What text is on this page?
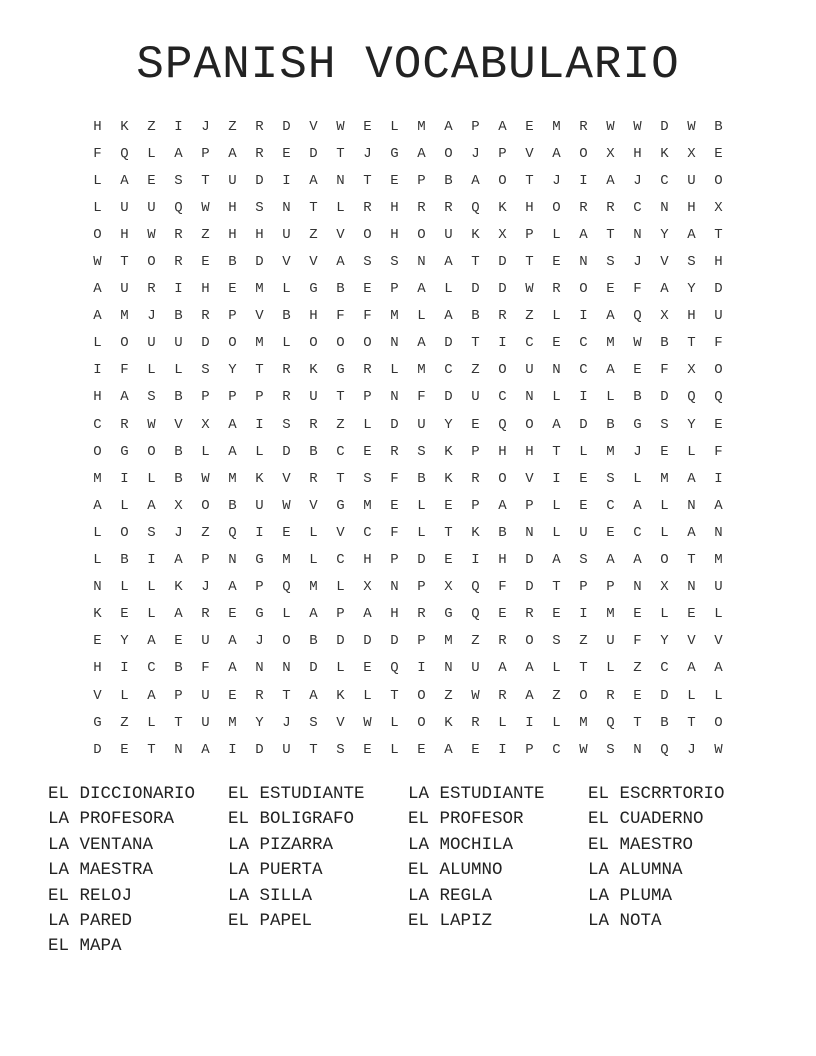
SPANISH VOCABULARIO
H	K	Z	I	J	Z	R	D	V	W	E	L	M	A	P	A	E	M	R	W	W	D	W	B
F	Q	L	A	P	A	R	E	D	T	J	G	A	O	J	P	V	A	O	X	H	K	X	E
L	A	E	S	T	U	D	I	A	N	T	E	P	B	A	O	T	J	I	A	J	C	U	O
L	U	U	Q	W	H	S	N	T	L	R	H	R	R	Q	K	H	O	R	R	C	N	H	X
O	H	W	R	Z	H	H	U	Z	V	O	H	O	U	K	X	P	L	A	T	N	Y	A	T
W	T	O	R	E	B	D	V	V	A	S	S	N	A	T	D	T	E	N	S	J	V	S	H
A	U	R	I	H	E	M	L	G	B	E	P	A	L	D	D	W	R	O	E	F	A	Y	D
A	M	J	B	R	P	V	B	H	F	F	M	L	A	B	R	Z	L	I	A	Q	X	H	U
L	O	U	U	D	O	M	L	O	O	O	N	A	D	T	I	C	E	C	M	W	B	T	F
I	F	L	L	S	Y	T	R	K	G	R	L	M	C	Z	O	U	N	C	A	E	F	X	O
H	A	S	B	P	P	P	R	U	T	P	N	F	D	U	C	N	L	I	L	B	D	Q	Q
C	R	W	V	X	A	I	S	R	Z	L	D	U	Y	E	Q	O	A	D	B	G	S	Y	E
O	G	O	B	L	A	L	D	B	C	E	R	S	K	P	H	H	T	L	M	J	E	L	F
M	I	L	B	W	M	K	V	R	T	S	F	B	K	R	O	V	I	E	S	L	M	A	I
A	L	A	X	O	B	U	W	V	G	M	E	L	E	P	A	P	L	E	C	A	L	N	A
L	O	S	J	Z	Q	I	E	L	V	C	F	L	T	K	B	N	L	U	E	C	L	A	N
L	B	I	A	P	N	G	M	L	C	H	P	D	E	I	H	D	A	S	A	A	O	T	M
N	L	L	K	J	A	P	Q	M	L	X	N	P	X	Q	F	D	T	P	P	N	X	N	U
K	E	L	A	R	E	G	L	A	P	A	H	R	G	Q	E	R	E	I	M	E	L	E	L
E	Y	A	E	U	A	J	O	B	D	D	D	P	M	Z	R	O	S	Z	U	F	Y	V	V
H	I	C	B	F	A	N	N	D	L	E	Q	I	N	U	A	A	L	T	L	Z	C	A	A
V	L	A	P	U	E	R	T	A	K	L	T	O	Z	W	R	A	Z	O	R	E	D	L	L
G	Z	L	T	U	M	Y	J	S	V	W	L	O	K	R	L	I	L	M	Q	T	B	T	O
D	E	T	N	A	I	D	U	T	S	E	L	E	A	E	I	P	C	W	S	N	Q	J	W
EL DICCIONARIO	EL ESTUDIANTE	LA ESTUDIANTE	EL ESCRRTORIO
LA PROFESORA	EL BOLIGRAFO	EL PROFESOR	EL CUADERNO
LA VENTANA	LA PIZARRA	LA MOCHILA	EL MAESTRO
LA MAESTRA	LA PUERTA	EL ALUMNO	LA ALUMNA
EL RELOJ	LA SILLA	LA REGLA	LA PLUMA
LA PARED	EL PAPEL	EL LAPIZ	LA NOTA
EL MAPA
